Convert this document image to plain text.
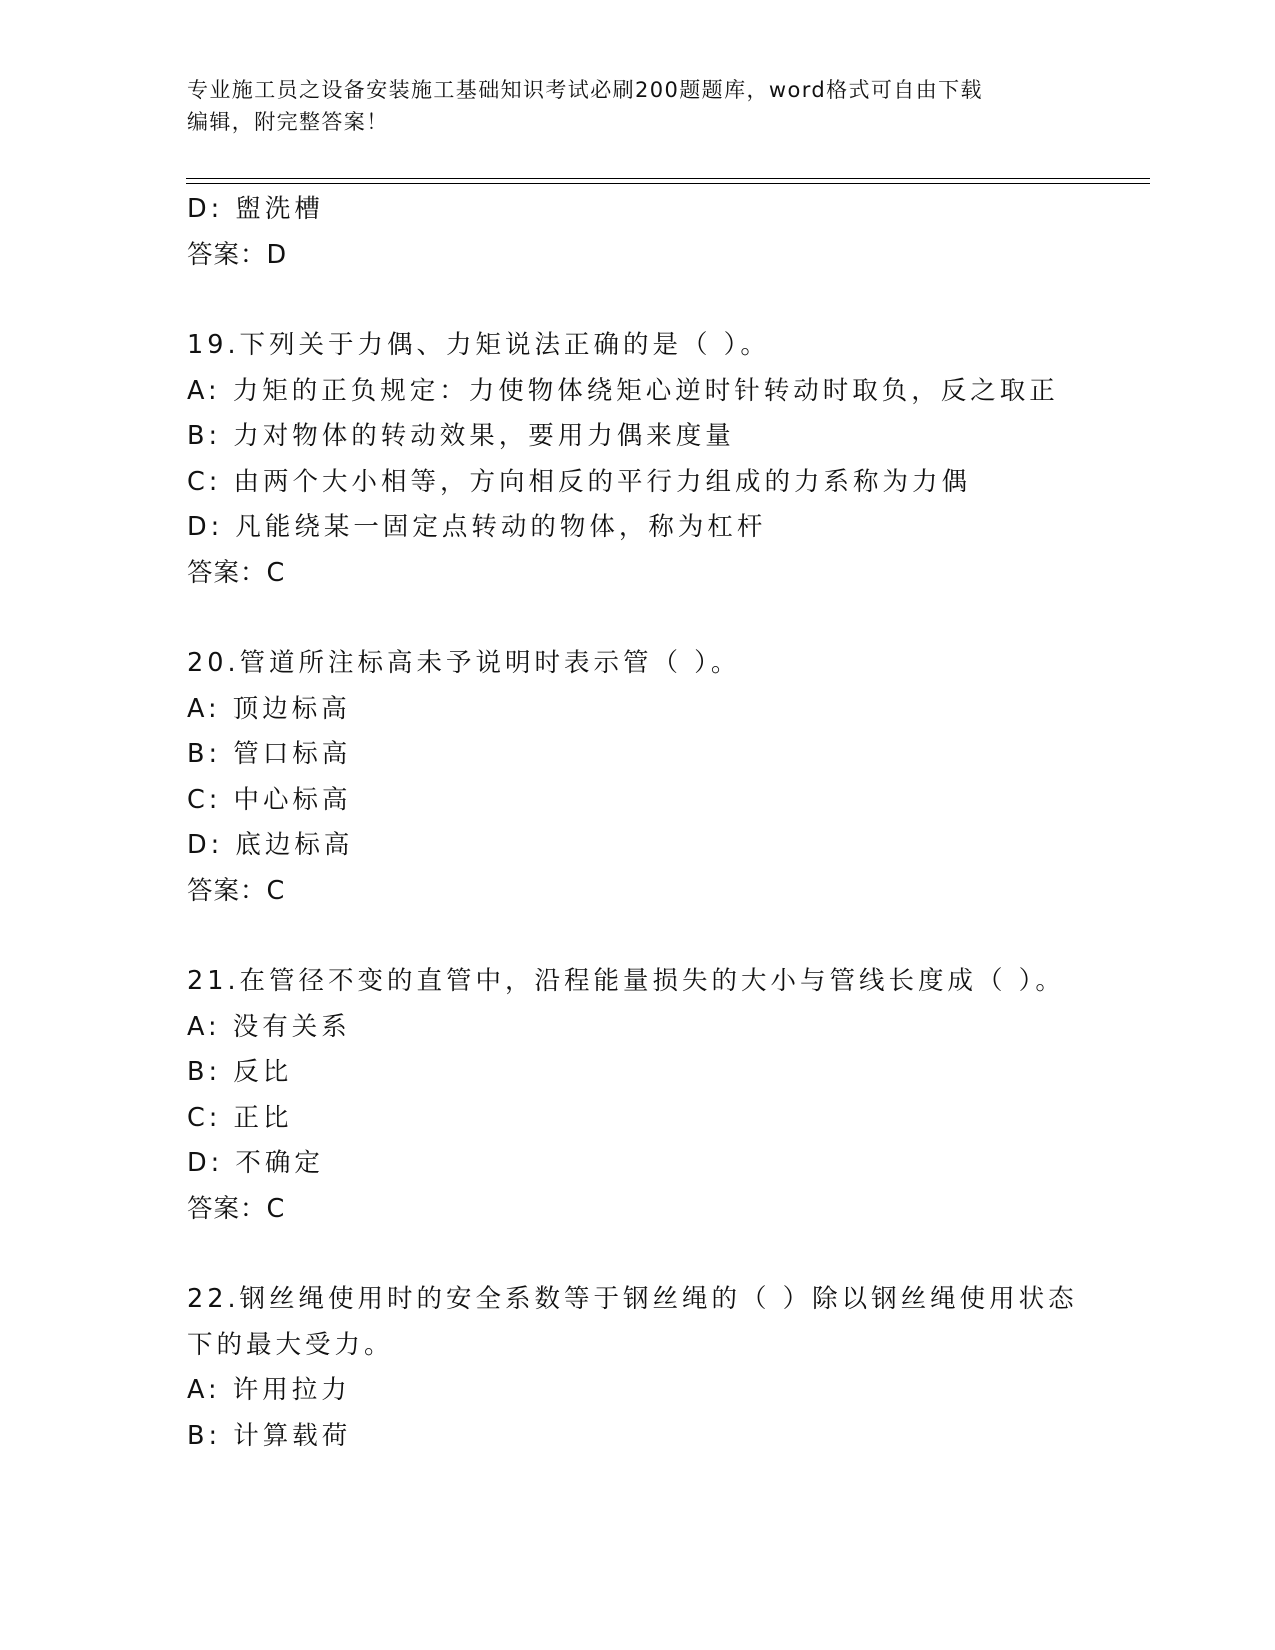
专业施工员之设备安装施工基础知识考试必刷200题题库，word格式可自由下载
编辑，附完整答案！
D: 盥洗槽
答案：D
19.下列关于力偶、力矩说法正确的是（ ）。
A: 力矩的正负规定：力使物体绕矩心逆时针转动时取负，反之取正
B: 力对物体的转动效果，要用力偶来度量
C: 由两个大小相等，方向相反的平行力组成的力系称为力偶
D: 凡能绕某一固定点转动的物体，称为杠杆
答案：C
20.管道所注标高未予说明时表示管（ ）。
A: 顶边标高
B: 管口标高
C: 中心标高
D: 底边标高
答案：C
21.在管径不变的直管中，沿程能量损失的大小与管线长度成（ ）。
A: 没有关系
B: 反比
C: 正比
D: 不确定
答案：C
22.钢丝绳使用时的安全系数等于钢丝绳的（ ）除以钢丝绳使用状态
下的最大受力。
A: 许用拉力
B: 计算载荷
